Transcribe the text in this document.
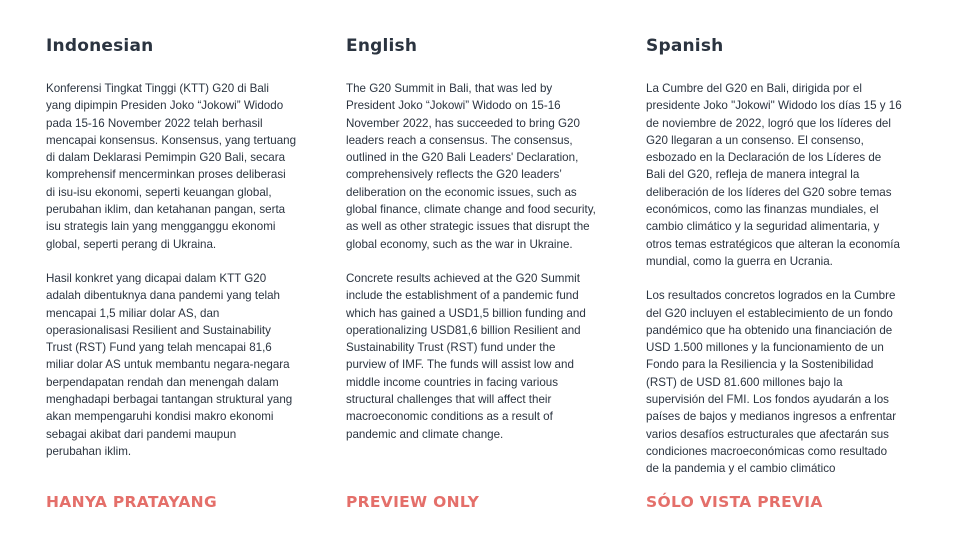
Indonesian

Konferensi Tingkat Tinggi (KTT) G20 di Bali
yang dipimpin Presiden Joko “Jokowi” Widodo
pada 15-16 November 2022 telah berhasil
mencapai konsensus. Konsensus, yang tertuang
di dalam Deklarasi Pemimpin G20 Bali, secara
komprehensif mencerminkan proses deliberasi
di isu-isu ekonomi, seperti keuangan global,
perubahan iklim, dan ketahanan pangan, serta
isu strategis lain yang mengganggu ekonomi
global, seperti perang di Ukraina.

Hasil konkret yang dicapai dalam KTT G20
adalah dibentuknya dana pandemi yang telah
mencapai 1,5 miliar dolar AS, dan
operasionalisasi Resilient and Sustainability
Trust (RST) Fund yang telah mencapai 81,6
miliar dolar AS untuk membantu negara-negara
berpendapatan rendah dan menengah dalam
menghadapi berbagai tantangan struktural yang
akan mempengaruhi kondisi makro ekonomi
sebagai akibat dari pandemi maupun
perubahan iklim.

English

The G20 Summit in Bali, that was led by
President Joko “Jokowi” Widodo on 15-16
November 2022, has succeeded to bring G20
leaders reach a consensus. The consensus,
outlined in the G20 Bali Leaders' Declaration,
comprehensively reflects the G20 leaders’
deliberation on the economic issues, such as
global finance, climate change and food security,
as well as other strategic issues that disrupt the
global economy, such as the war in Ukraine.

Concrete results achieved at the G20 Summit
include the establishment of a pandemic fund
which has gained a USD1,5 billion funding and
operationalizing USD81,6 billion Resilient and
Sustainability Trust (RST) fund under the
purview of IMF. The funds will assist low and
middle income countries in facing various
structural challenges that will affect their
macroeconomic conditions as a result of
pandemic and climate change.

Spanish

La Cumbre del G20 en Bali, dirigida por el
presidente Joko "Jokowi" Widodo los días 15 y 16
de noviembre de 2022, logró que los líderes del
G20 llegaran a un consenso. El consenso,
esbozado en la Declaración de los Líderes de
Bali del G20, refleja de manera integral la
deliberación de los líderes del G20 sobre temas
económicos, como las finanzas mundiales, el
cambio climático y la seguridad alimentaria, y
otros temas estratégicos que alteran la economía
mundial, como la guerra en Ucrania.

Los resultados concretos logrados en la Cumbre
del G20 incluyen el establecimiento de un fondo
pandémico que ha obtenido una financiación de
USD 1.500 millones y la funcionamiento de un
Fondo para la Resiliencia y la Sostenibilidad
(RST) de USD 81.600 millones bajo la
supervisión del FMI. Los fondos ayudarán a los
países de bajos y medianos ingresos a enfrentar
varios desafíos estructurales que afectarán sus
condiciones macroeconómicas como resultado
de la pandemia y el cambio climático

HANYA PRATAYANG	PREVIEW ONLY	SÓLO VISTA PREVIA
